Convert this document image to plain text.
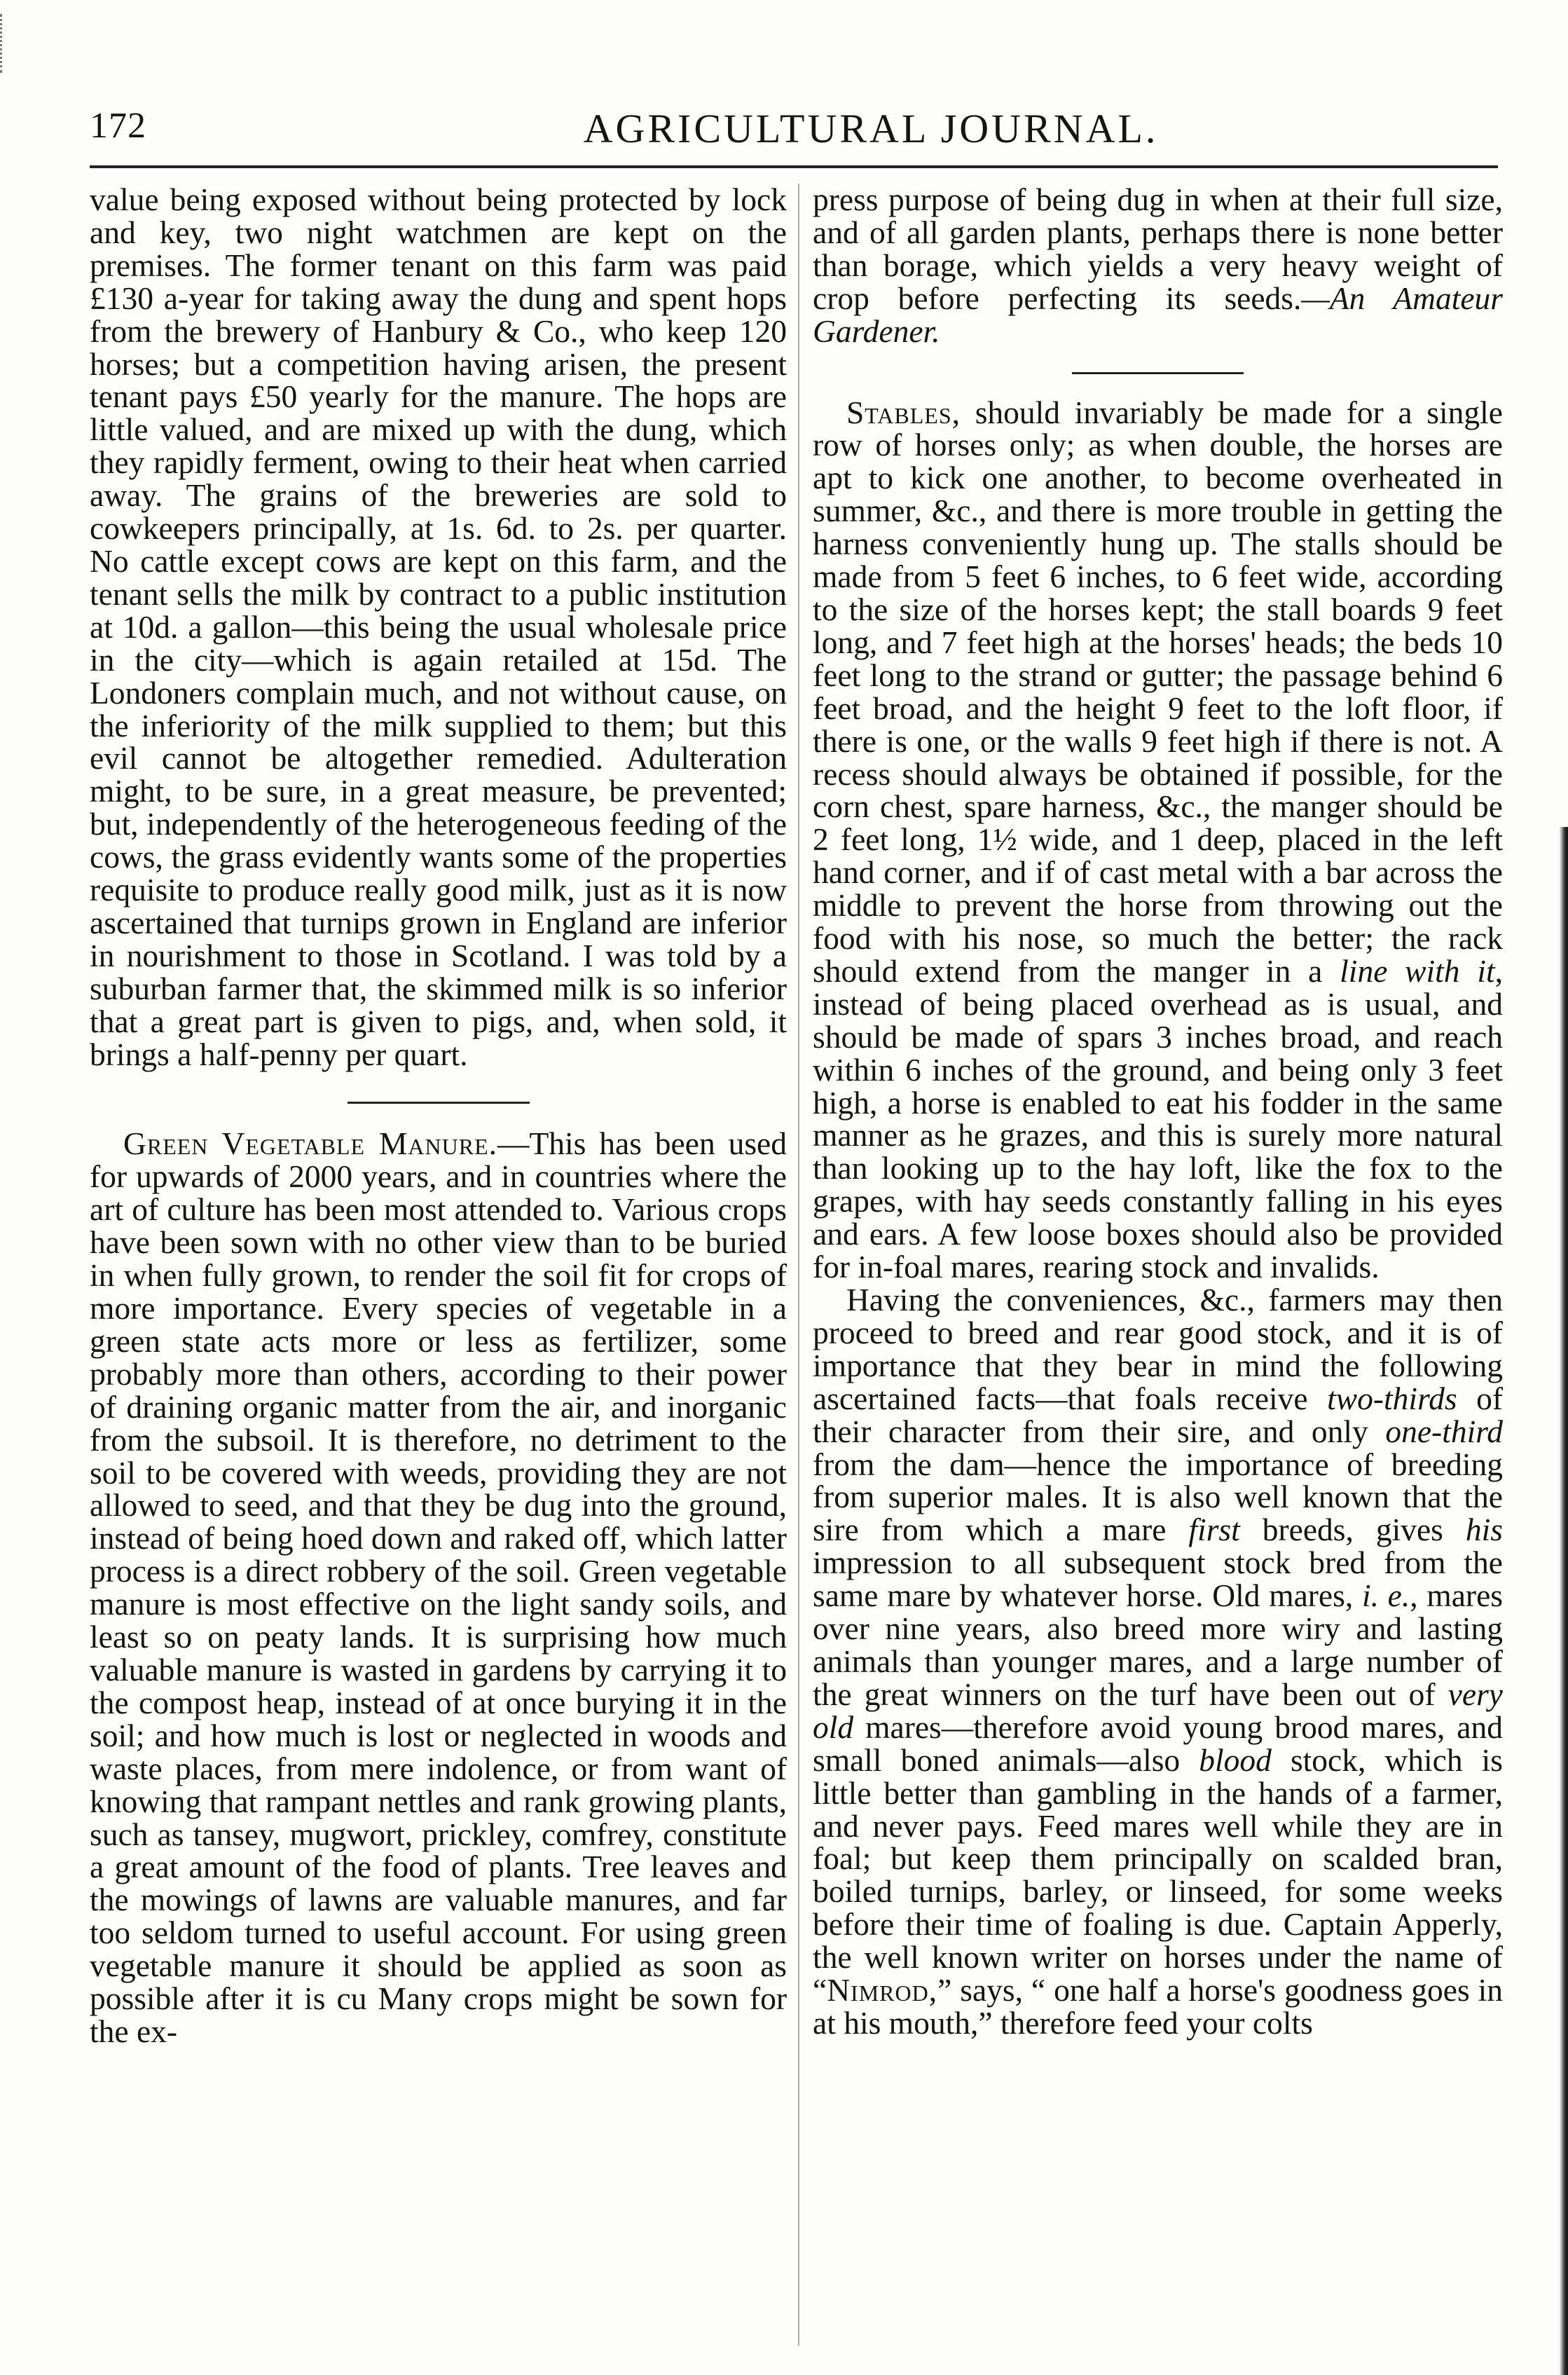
172	AGRICULTURAL JOURNAL.

value being exposed without being protected by lock and key, two night watchmen are kept on the premises. The former tenant on this farm was paid £130 a-year for taking away the dung and spent hops from the brewery of Hanbury & Co., who keep 120 horses; but a competition having arisen, the present tenant pays £50 yearly for the manure. The hops are little valued, and are mixed up with the dung, which they rapidly ferment, owing to their heat when carried away. The grains of the breweries are sold to cowkeepers principally, at 1s. 6d. to 2s. per quarter. No cattle except cows are kept on this farm, and the tenant sells the milk by contract to a public institution at 10d. a gallon—this being the usual wholesale price in the city—which is again retailed at 15d. The Londoners complain much, and not without cause, on the inferiority of the milk supplied to them; but this evil cannot be altogether remedied. Adulteration might, to be sure, in a great measure, be prevented; but, independently of the heterogeneous feeding of the cows, the grass evidently wants some of the properties requisite to produce really good milk, just as it is now ascertained that turnips grown in England are inferior in nourishment to those in Scotland. I was told by a suburban farmer that, the skimmed milk is so inferior that a great part is given to pigs, and, when sold, it brings a half-penny per quart.

Green Vegetable Manure.—This has been used for upwards of 2000 years, and in countries where the art of culture has been most attended to. Various crops have been sown with no other view than to be buried in when fully grown, to render the soil fit for crops of more importance. Every species of vegetable in a green state acts more or less as fertilizer, some probably more than others, according to their power of draining organic matter from the air, and inorganic from the subsoil. It is therefore, no detriment to the soil to be covered with weeds, providing they are not allowed to seed, and that they be dug into the ground, instead of being hoed down and raked off, which latter process is a direct robbery of the soil. Green vegetable manure is most effective on the light sandy soils, and least so on peaty lands. It is surprising how much valuable manure is wasted in gardens by carrying it to the compost heap, instead of at once burying it in the soil; and how much is lost or neglected in woods and waste places, from mere indolence, or from want of knowing that rampant nettles and rank growing plants, such as tansey, mugwort, prickley, comfrey, constitute a great amount of the food of plants. Tree leaves and the mowings of lawns are valuable manures, and far too seldom turned to useful account. For using green vegetable manure it should be applied as soon as possible after it is cu Many crops might be sown for the ex-

press purpose of being dug in when at their full size, and of all garden plants, perhaps there is none better than borage, which yields a very heavy weight of crop before perfecting its seeds.—An Amateur Gardener.

Stables, should invariably be made for a single row of horses only; as when double, the horses are apt to kick one another, to become overheated in summer, &c., and there is more trouble in getting the harness conveniently hung up. The stalls should be made from 5 feet 6 inches, to 6 feet wide, according to the size of the horses kept; the stall boards 9 feet long, and 7 feet high at the horses' heads; the beds 10 feet long to the strand or gutter; the passage behind 6 feet broad, and the height 9 feet to the loft floor, if there is one, or the walls 9 feet high if there is not. A recess should always be obtained if possible, for the corn chest, spare harness, &c., the manger should be 2 feet long, 1½ wide, and 1 deep, placed in the left hand corner, and if of cast metal with a bar across the middle to prevent the horse from throwing out the food with his nose, so much the better; the rack should extend from the manger in a line with it, instead of being placed overhead as is usual, and should be made of spars 3 inches broad, and reach within 6 inches of the ground, and being only 3 feet high, a horse is enabled to eat his fodder in the same manner as he grazes, and this is surely more natural than looking up to the hay loft, like the fox to the grapes, with hay seeds constantly falling in his eyes and ears. A few loose boxes should also be provided for in-foal mares, rearing stock and invalids.

Having the conveniences, &c., farmers may then proceed to breed and rear good stock, and it is of importance that they bear in mind the following ascertained facts—that foals receive two-thirds of their character from their sire, and only one-third from the dam—hence the importance of breeding from superior males. It is also well known that the sire from which a mare first breeds, gives his impression to all subsequent stock bred from the same mare by whatever horse. Old mares, i. e., mares over nine years, also breed more wiry and lasting animals than younger mares, and a large number of the great winners on the turf have been out of very old mares—therefore avoid young brood mares, and small boned animals—also blood stock, which is little better than gambling in the hands of a farmer, and never pays. Feed mares well while they are in foal; but keep them principally on scalded bran, boiled turnips, barley, or linseed, for some weeks before their time of foaling is due. Captain Apperly, the well known writer on horses under the name of “Nimrod,” says, “ one half a horse's goodness goes in at his mouth,” therefore feed your colts
